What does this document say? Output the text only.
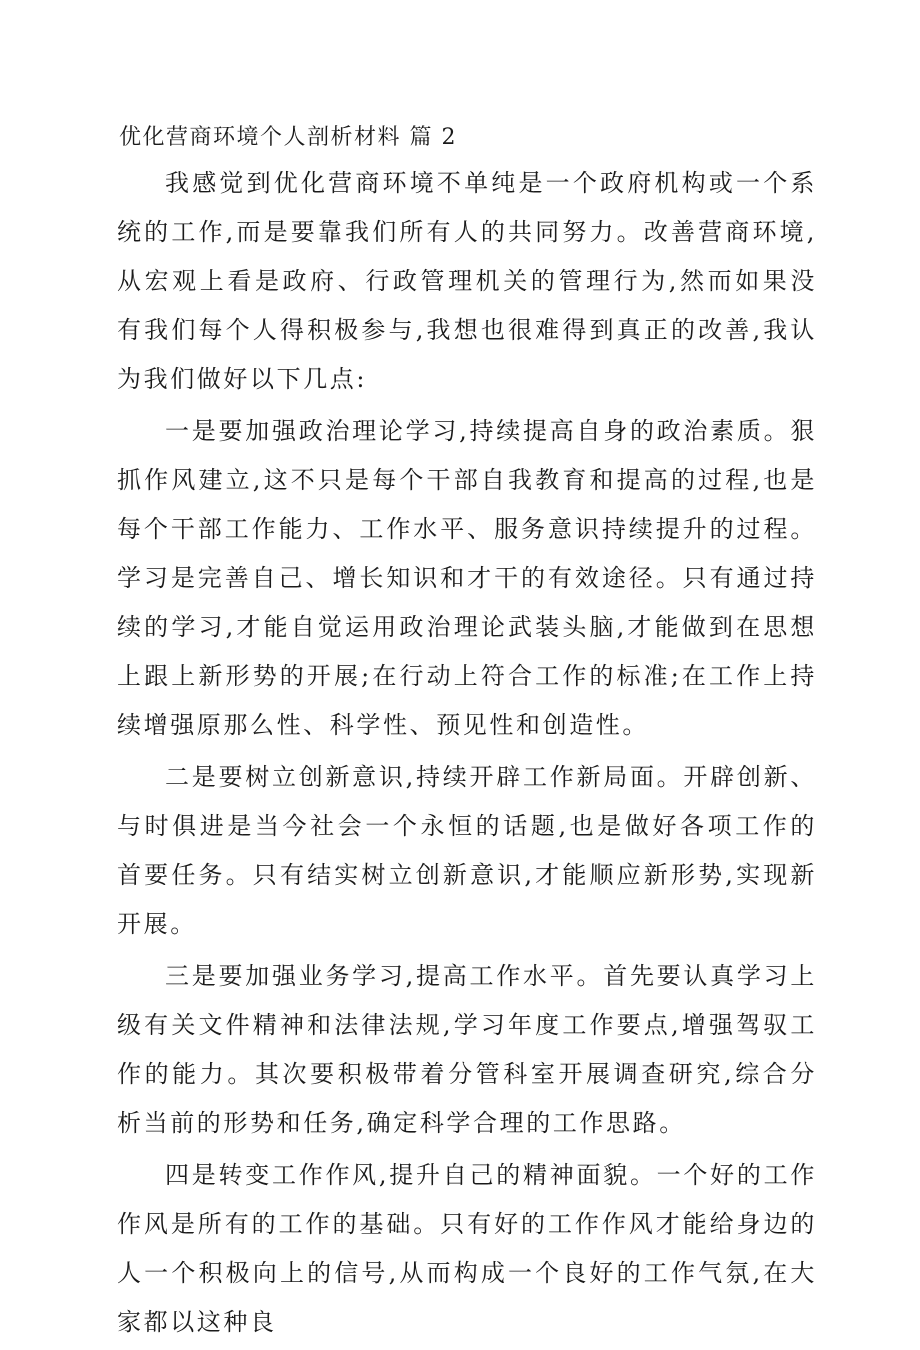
优化营商环境个人剖析材料 篇 2

我感觉到优化营商环境不单纯是一个政府机构或一个系统的工作,而是要靠我们所有人的共同努力。改善营商环境,从宏观上看是政府、行政管理机关的管理行为,然而如果没有我们每个人得积极参与,我想也很难得到真正的改善,我认为我们做好以下几点:

一是要加强政治理论学习,持续提高自身的政治素质。狠抓作风建立,这不只是每个干部自我教育和提高的过程,也是每个干部工作能力、工作水平、服务意识持续提升的过程。学习是完善自己、增长知识和才干的有效途径。只有通过持续的学习,才能自觉运用政治理论武装头脑,才能做到在思想上跟上新形势的开展;在行动上符合工作的标准;在工作上持续增强原那么性、科学性、预见性和创造性。

二是要树立创新意识,持续开辟工作新局面。开辟创新、与时俱进是当今社会一个永恒的话题,也是做好各项工作的首要任务。只有结实树立创新意识,才能顺应新形势,实现新开展。

三是要加强业务学习,提高工作水平。首先要认真学习上级有关文件精神和法律法规,学习年度工作要点,增强驾驭工作的能力。其次要积极带着分管科室开展调查研究,综合分析当前的形势和任务,确定科学合理的工作思路。

四是转变工作作风,提升自己的精神面貌。一个好的工作作风是所有的工作的基础。只有好的工作作风才能给身边的人一个积极向上的信号,从而构成一个良好的工作气氛,在大家都以这种良
